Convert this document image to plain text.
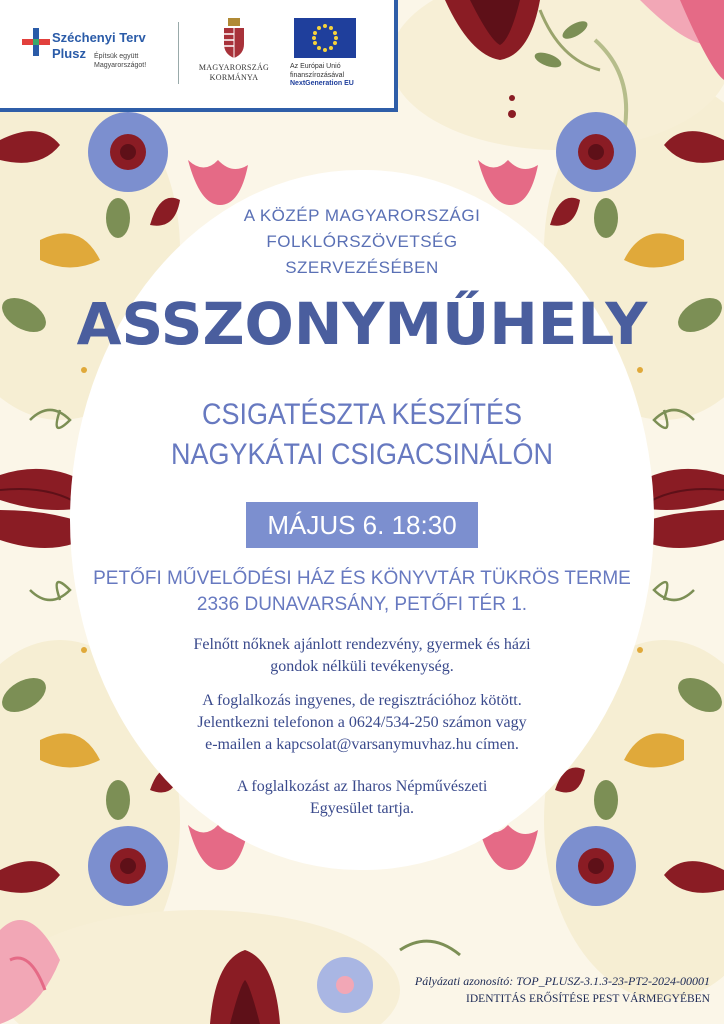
Széchenyi Terv
Plusz Építsük együtt Magyarországot!	MAGYARORSZÁG KORMÁNYA
Az Európai Unió finanszírozásával
NextGeneration EU
A KÖZÉP MAGYARORSZÁGI
FOLKLÓRSZÖVETSÉG
SZERVEZÉSÉBEN
ASSZONYMŰHELY
CSIGATÉSZTA KÉSZÍTÉS
NAGYKÁTAI CSIGACSINÁLÓN
MÁJUS 6. 18:30
PETŐFI MŰVELŐDÉSI HÁZ ÉS KÖNYVTÁR TÜKRÖS TERME
2336 DUNAVARSÁNY, PETŐFI TÉR 1.
Felnőtt nőknek ajánlott rendezvény, gyermek és házi
gondok nélküli tevékenység.
A foglalkozás ingyenes, de regisztrációhoz kötött.
Jelentkezni telefonon a 0624/534-250 számon vagy
e-mailen a kapcsolat@varsanymuvhaz.hu címen.
A foglalkozást az Iharos Népművészeti
Egyesület tartja.
Pályázati azonosító: TOP_PLUSZ-3.1.3-23-PT2-2024-00001
IDENTITÁS ERŐSÍTÉSE PEST VÁRMEGYÉBEN
